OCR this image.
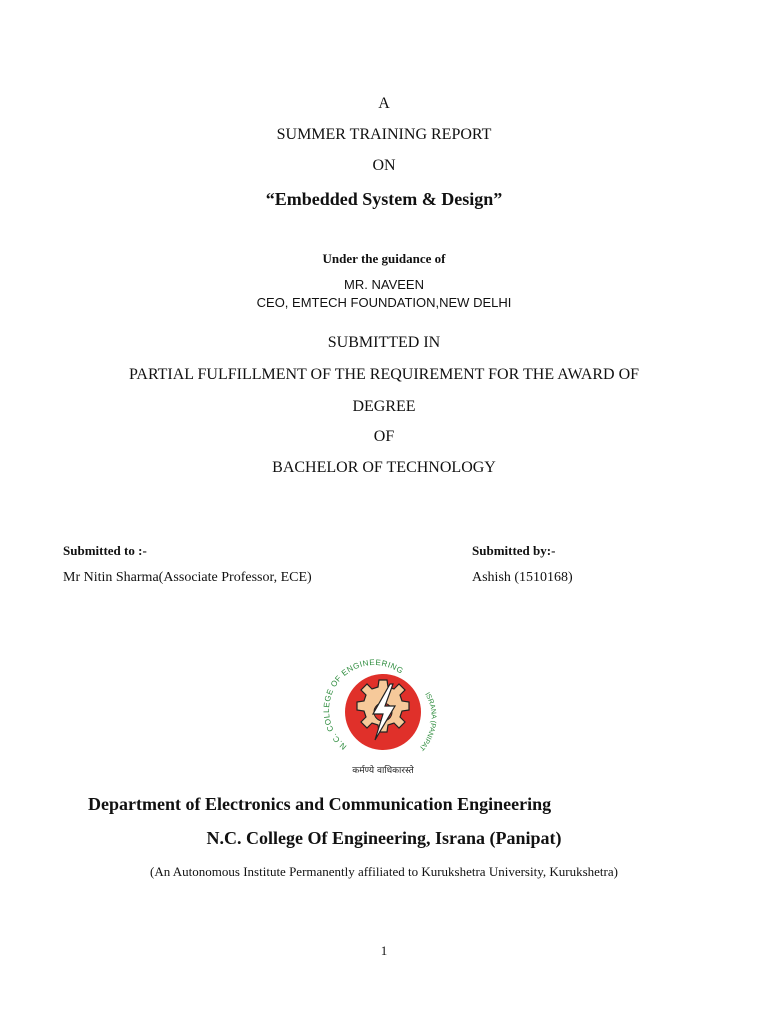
A
SUMMER TRAINING REPORT
ON
“Embedded System & Design”
Under the guidance of
MR. NAVEEN
CEO, EMTECH FOUNDATION,NEW DELHI
SUBMITTED IN
PARTIAL FULFILLMENT OF THE REQUIREMENT FOR THE AWARD OF
DEGREE
OF
BACHELOR OF TECHNOLOGY
Submitted to :-
Mr Nitin Sharma(Associate Professor, ECE)
Submitted by:-
Ashish (1510168)
N.C. COLLEGE OF ENGINEERING
ISRANA (PANIPAT
कर्मण्ये वाधिकारस्ते
Department of Electronics and Communication Engineering
N.C. College Of Engineering, Israna (Panipat)
(An Autonomous Institute Permanently affiliated to Kurukshetra University, Kurukshetra)
1
